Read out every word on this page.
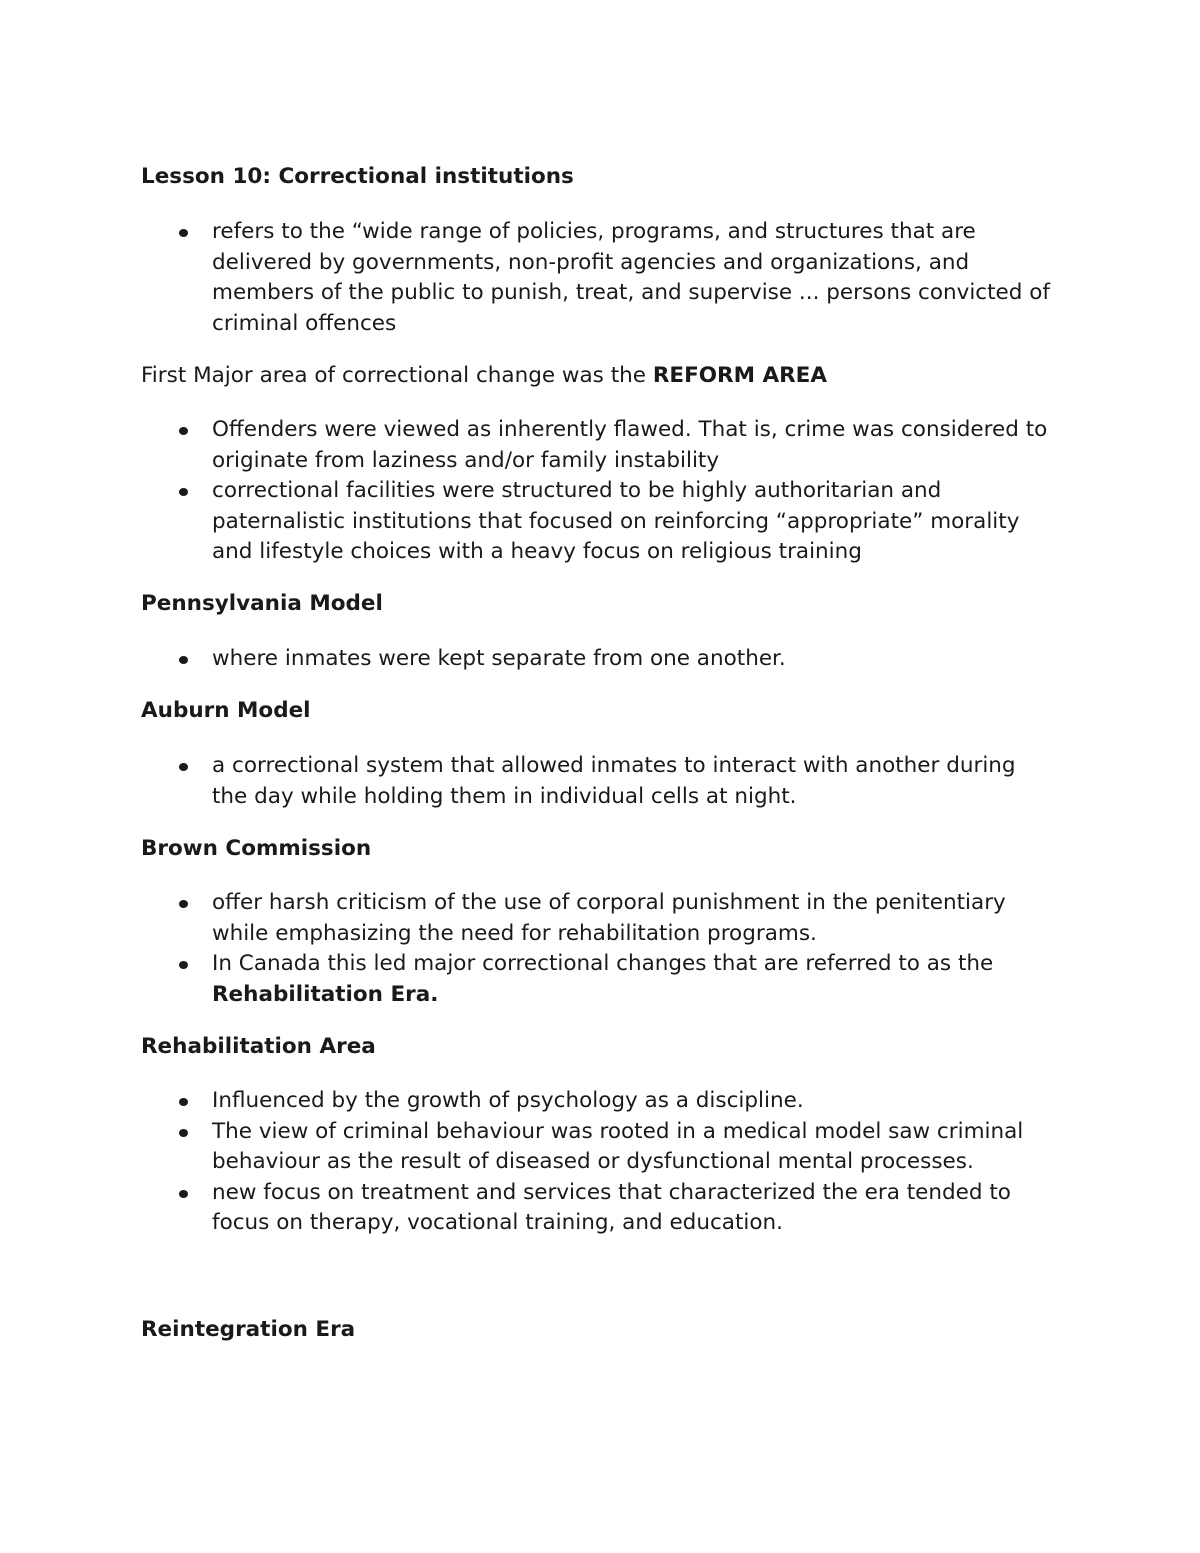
Lesson 10: Correctional institutions
refers to the “wide range of policies, programs, and structures that are
delivered by governments, non-profit agencies and organizations, and
members of the public to punish, treat, and supervise ... persons convicted of
criminal offences
First Major area of correctional change was the REFORM AREA
Offenders were viewed as inherently flawed. That is, crime was considered to
originate from laziness and/or family instability
correctional facilities were structured to be highly authoritarian and
paternalistic institutions that focused on reinforcing “appropriate” morality
and lifestyle choices with a heavy focus on religious training
Pennsylvania Model
where inmates were kept separate from one another.
Auburn Model
a correctional system that allowed inmates to interact with another during
the day while holding them in individual cells at night.
Brown Commission
offer harsh criticism of the use of corporal punishment in the penitentiary
while emphasizing the need for rehabilitation programs.
In Canada this led major correctional changes that are referred to as the
Rehabilitation Era.
Rehabilitation Area
Influenced by the growth of psychology as a discipline.
The view of criminal behaviour was rooted in a medical model saw criminal
behaviour as the result of diseased or dysfunctional mental processes.
new focus on treatment and services that characterized the era tended to
focus on therapy, vocational training, and education.
Reintegration Era
